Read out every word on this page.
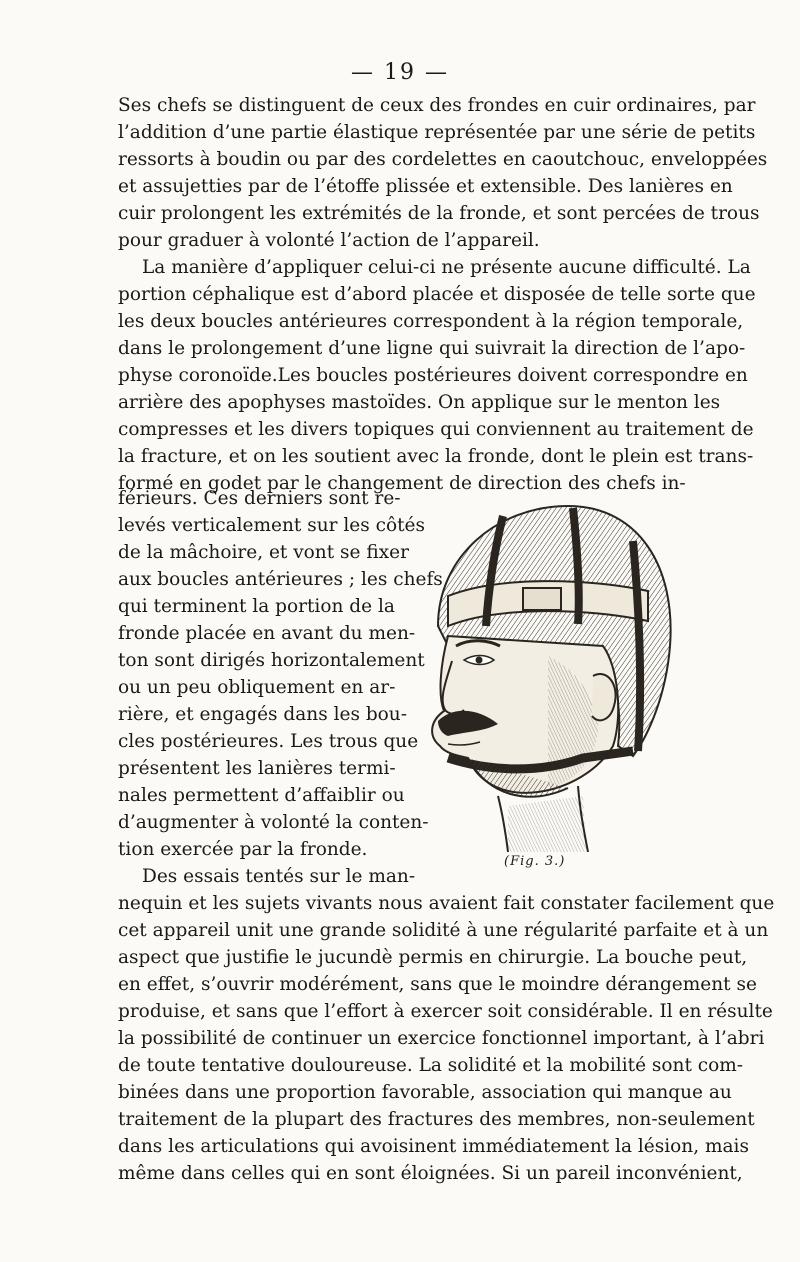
— 19 —
Ses chefs se distinguent de ceux des frondes en cuir ordinaires, par
l’addition d’une partie élastique représentée par une série de petits
ressorts à boudin ou par des cordelettes en caoutchouc, enveloppées
et assujetties par de l’étoffe plissée et extensible. Des lanières en
cuir prolongent les extrémités de la fronde, et sont percées de trous
pour graduer à volonté l’action de l’appareil.
La manière d’appliquer celui-ci ne présente aucune difficulté. La
portion céphalique est d’abord placée et disposée de telle sorte que
les deux boucles antérieures correspondent à la région temporale,
dans le prolongement d’une ligne qui suivrait la direction de l’apo-
physe coronoïde.Les boucles postérieures doivent correspondre en
arrière des apophyses mastoïdes. On applique sur le menton les
compresses et les divers topiques qui conviennent au traitement de
la fracture, et on les soutient avec la fronde, dont le plein est trans-
formé en godet par le changement de direction des chefs in-
férieurs. Ces derniers sont re-
levés verticalement sur les côtés
de la mâchoire, et vont se fixer
aux boucles antérieures ; les chefs
qui terminent la portion de la
fronde placée en avant du men-
ton sont dirigés horizontalement
ou un peu obliquement en ar-
rière, et engagés dans les bou-
cles postérieures. Les trous que
présentent les lanières termi-
nales permettent d’affaiblir ou
d’augmenter à volonté la conten-
tion exercée par la fronde.
Des essais tentés sur le man-
nequin et les sujets vivants nous avaient fait constater facilement que
cet appareil unit une grande solidité à une régularité parfaite et à un
aspect que justifie le jucundè permis en chirurgie. La bouche peut,
en effet, s’ouvrir modérément, sans que le moindre dérangement se
produise, et sans que l’effort à exercer soit considérable. Il en résulte
la possibilité de continuer un exercice fonctionnel important, à l’abri
de toute tentative douloureuse. La solidité et la mobilité sont com-
binées dans une proportion favorable, association qui manque au
traitement de la plupart des fractures des membres, non-seulement
dans les articulations qui avoisinent immédiatement la lésion, mais
même dans celles qui en sont éloignées. Si un pareil inconvénient,
(Fig. 3.)
